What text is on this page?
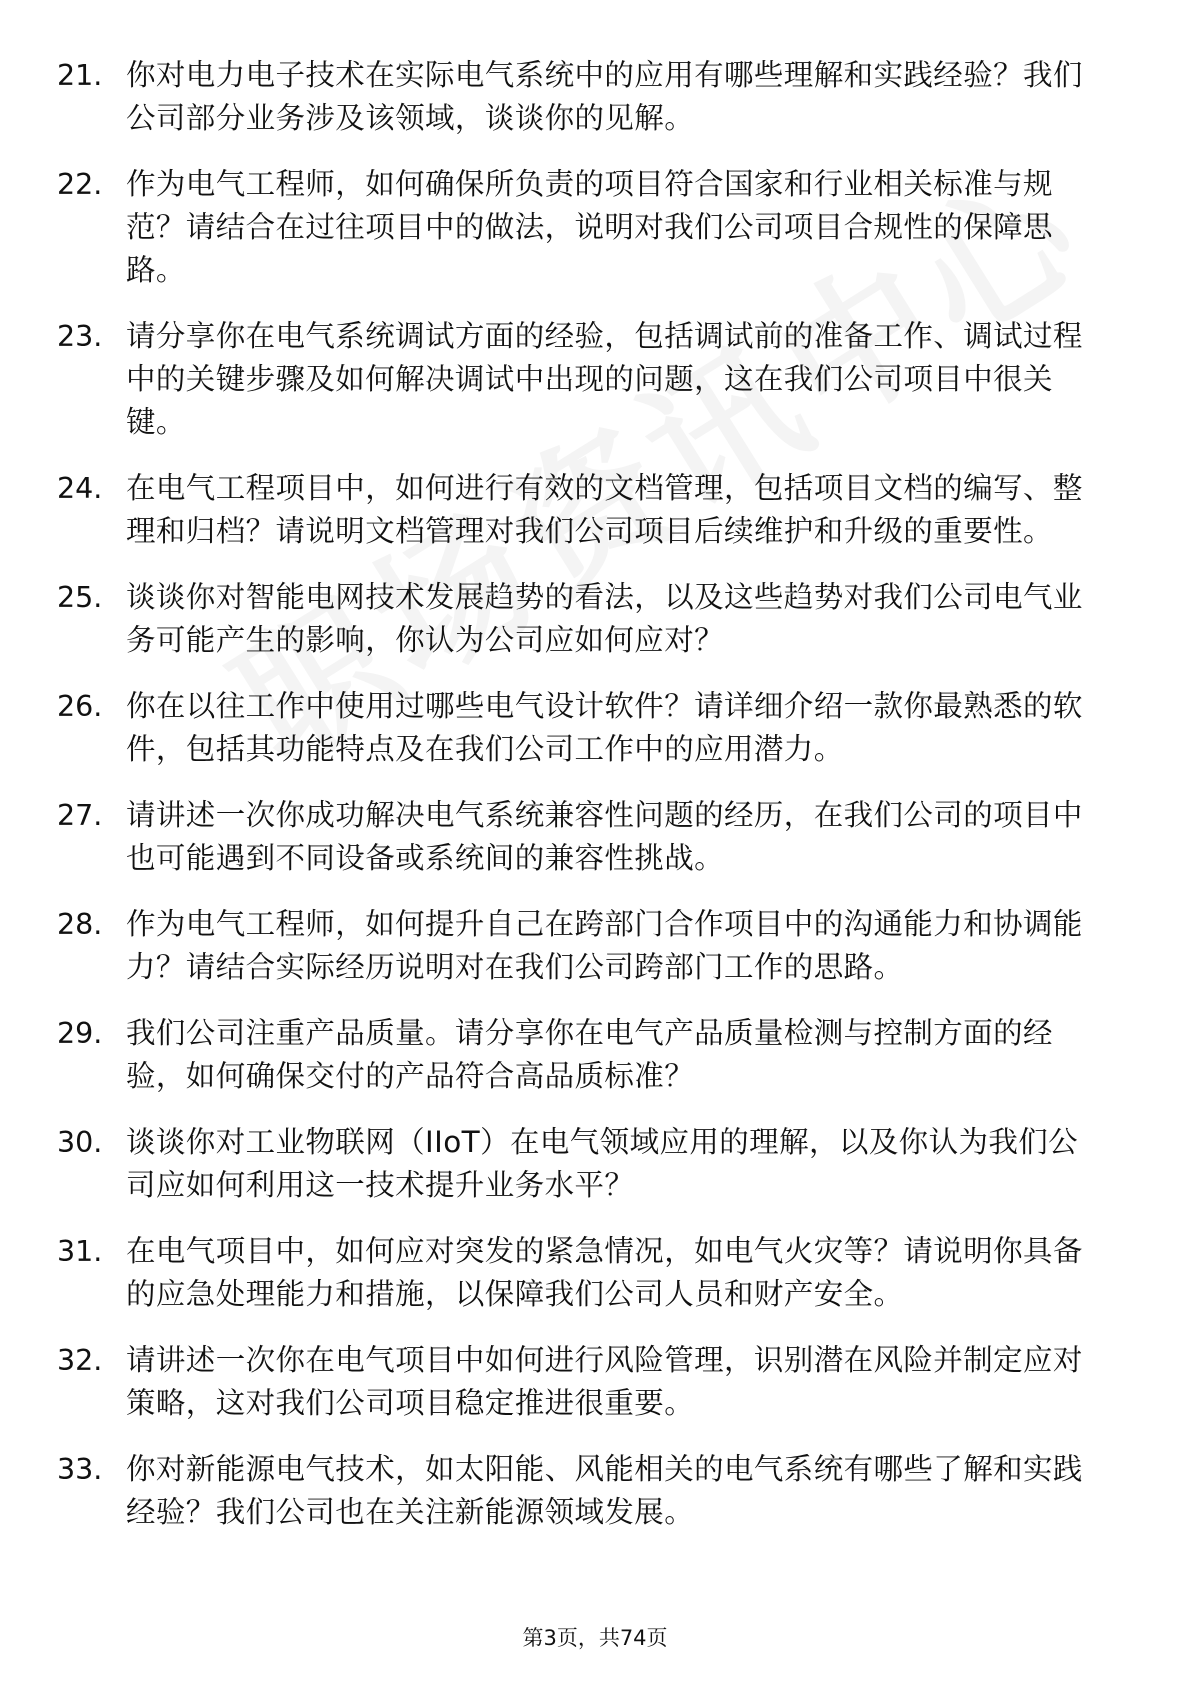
21. 你对电力电子技术在实际电气系统中的应用有哪些理解和实践经验？我们公司部分业务涉及该领域，谈谈你的见解。
22. 作为电气工程师，如何确保所负责的项目符合国家和行业相关标准与规范？请结合在过往项目中的做法，说明对我们公司项目合规性的保障思路。
23. 请分享你在电气系统调试方面的经验，包括调试前的准备工作、调试过程中的关键步骤及如何解决调试中出现的问题，这在我们公司项目中很关键。
24. 在电气工程项目中，如何进行有效的文档管理，包括项目文档的编写、整理和归档？请说明文档管理对我们公司项目后续维护和升级的重要性。
25. 谈谈你对智能电网技术发展趋势的看法，以及这些趋势对我们公司电气业务可能产生的影响，你认为公司应如何应对？
26. 你在以往工作中使用过哪些电气设计软件？请详细介绍一款你最熟悉的软件，包括其功能特点及在我们公司工作中的应用潜力。
27. 请讲述一次你成功解决电气系统兼容性问题的经历，在我们公司的项目中也可能遇到不同设备或系统间的兼容性挑战。
28. 作为电气工程师，如何提升自己在跨部门合作项目中的沟通能力和协调能力？请结合实际经历说明对在我们公司跨部门工作的思路。
29. 我们公司注重产品质量。请分享你在电气产品质量检测与控制方面的经验，如何确保交付的产品符合高品质标准？
30. 谈谈你对工业物联网（IIoT）在电气领域应用的理解，以及你认为我们公司应如何利用这一技术提升业务水平？
31. 在电气项目中，如何应对突发的紧急情况，如电气火灾等？请说明你具备的应急处理能力和措施，以保障我们公司人员和财产安全。
32. 请讲述一次你在电气项目中如何进行风险管理，识别潜在风险并制定应对策略，这对我们公司项目稳定推进很重要。
33. 你对新能源电气技术，如太阳能、风能相关的电气系统有哪些了解和实践经验？我们公司也在关注新能源领域发展。
第3页，共74页
